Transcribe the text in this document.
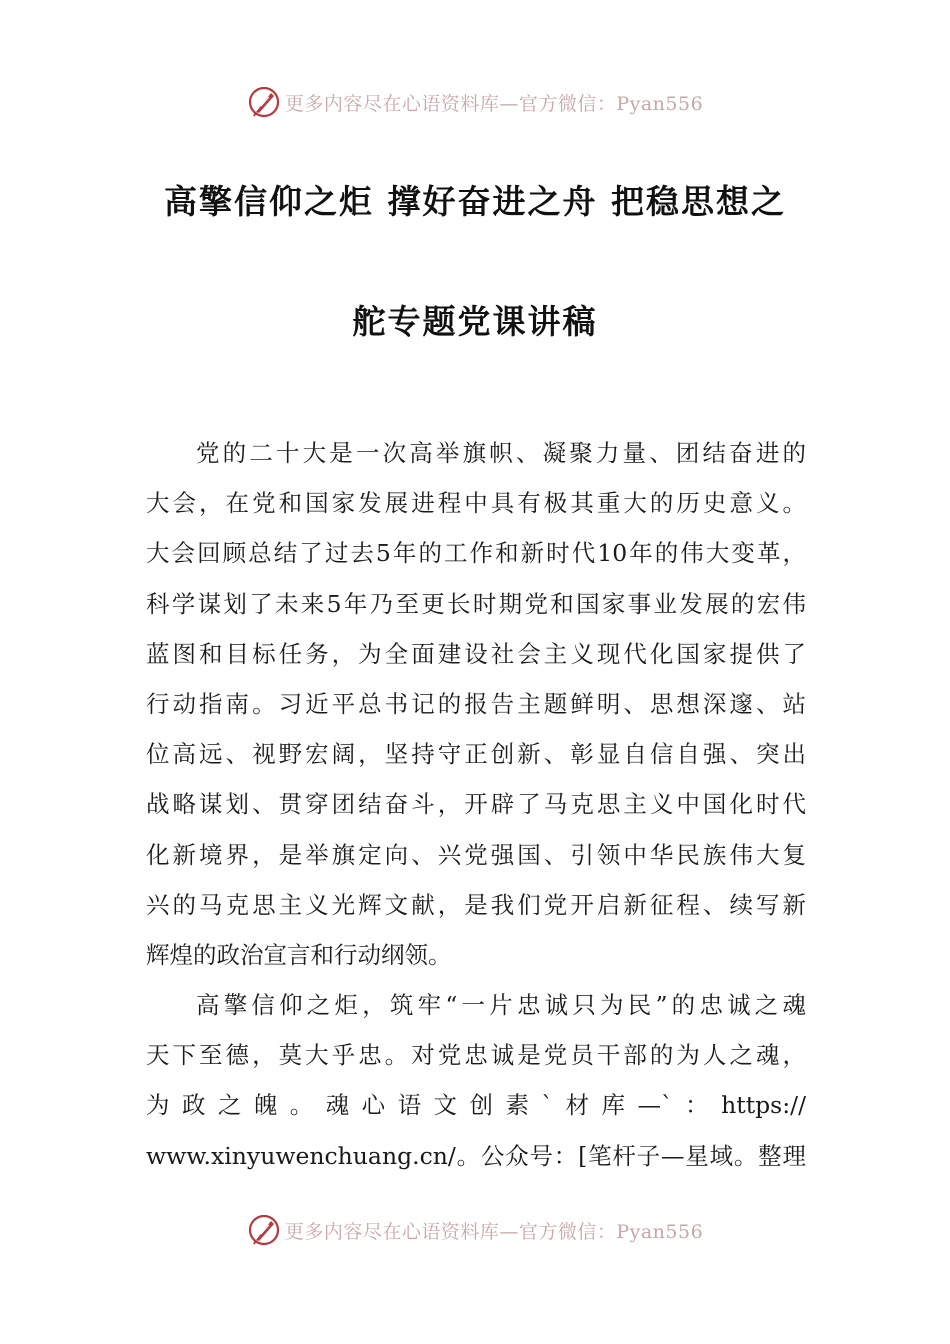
更多内容尽在心语资料库—官方微信：Pyan556
高擎信仰之炬 撑好奋进之舟 把稳思想之
舵专题党课讲稿
党的二十大是一次高举旗帜、凝聚力量、团结奋进的
大会，在党和国家发展进程中具有极其重大的历史意义。
大会回顾总结了过去5年的工作和新时代10年的伟大变革，
科学谋划了未来5年乃至更长时期党和国家事业发展的宏伟
蓝图和目标任务，为全面建设社会主义现代化国家提供了
行动指南。习近平总书记的报告主题鲜明、思想深邃、站
位高远、视野宏阔，坚持守正创新、彰显自信自强、突出
战略谋划、贯穿团结奋斗，开辟了马克思主义中国化时代
化新境界，是举旗定向、兴党强国、引领中华民族伟大复
兴的马克思主义光辉文献，是我们党开启新征程、续写新
辉煌的政治宣言和行动纲领。
高擎信仰之炬，筑牢“一片忠诚只为民”的忠诚之魂
天下至德，莫大乎忠。对党忠诚是党员干部的为人之魂，
为政之魄。魂心语文创素`材库—`：https://
www.xinyuwenchuang.cn/。公众号：[笔杆子—星域。整理
更多内容尽在心语资料库—官方微信：Pyan556
